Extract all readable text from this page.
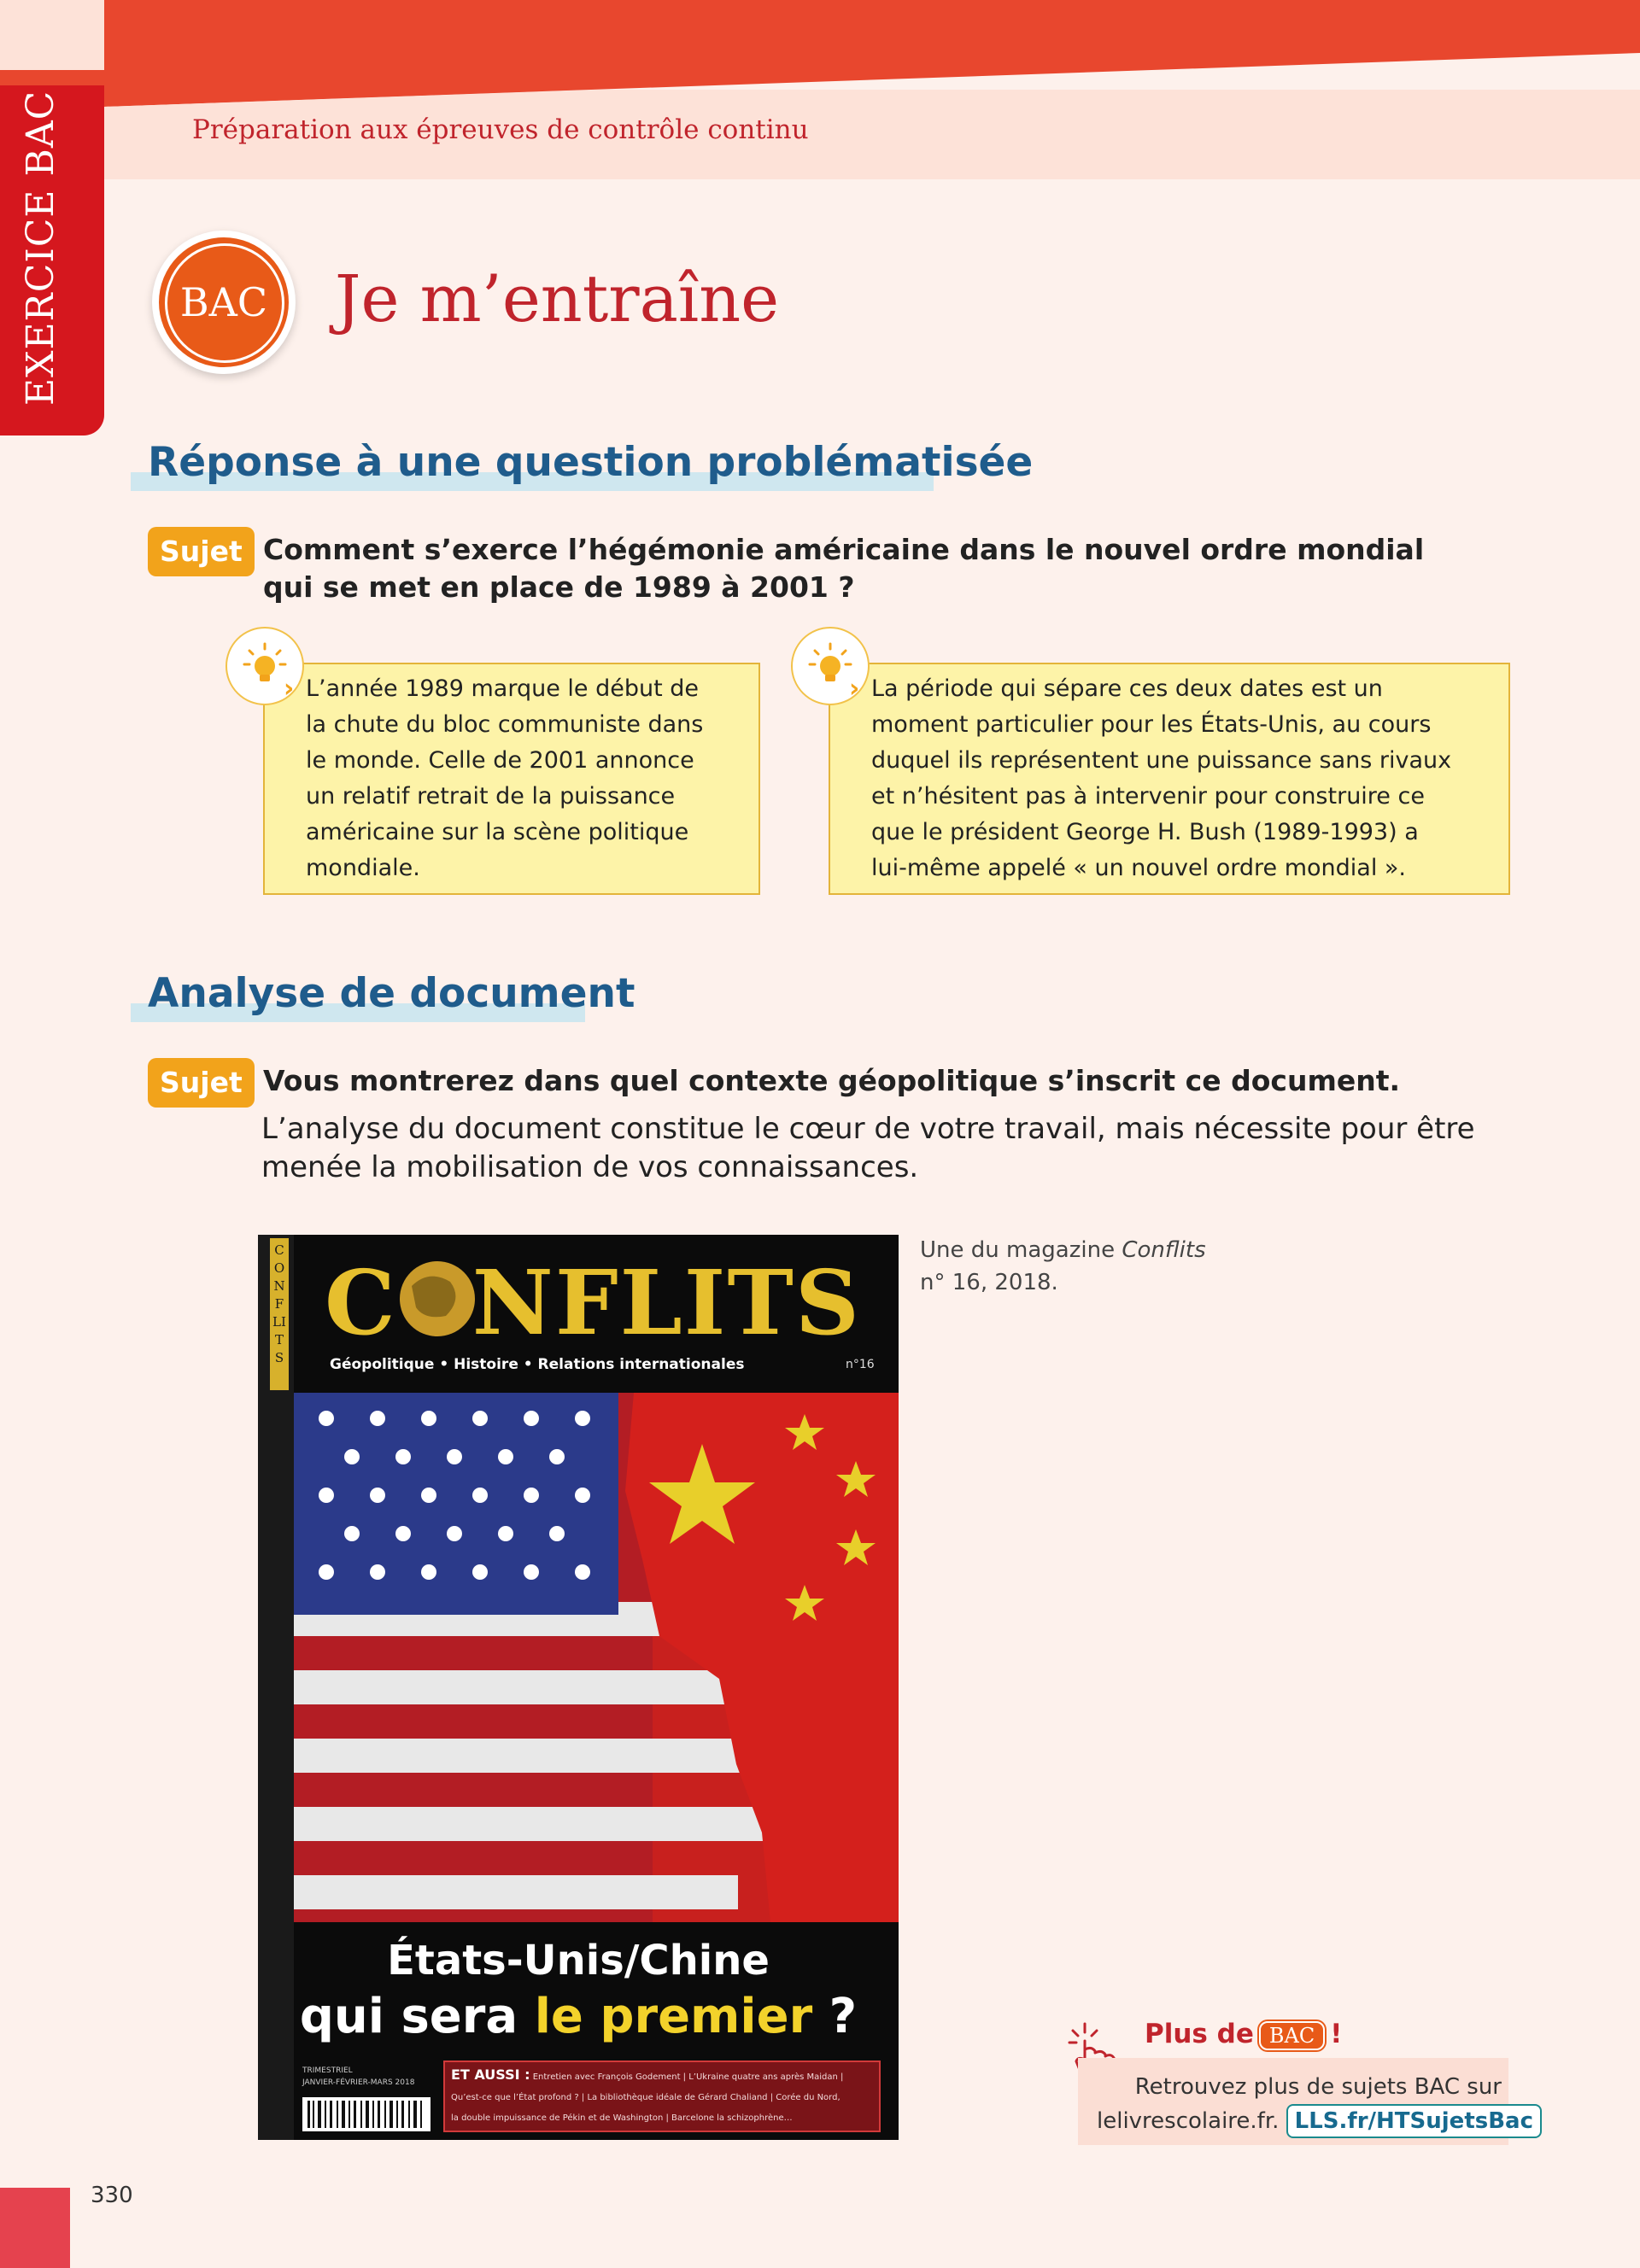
Préparation aux épreuves de contrôle continu
EXERCICE BAC	BAC Je m’entraîne
Réponse à une question problématisée
Sujet Comment s’exerce l’hégémonie américaine dans le nouvel ordre mondial
qui se met en place de 1989 à 2001 ?
› L’année 1989 marque le début de
la chute du bloc communiste dans
le monde. Celle de 2001 annonce
un relatif retrait de la puissance
américaine sur la scène politique
mondiale.
› La période qui sépare ces deux dates est un
moment particulier pour les États-Unis, au cours
duquel ils représentent une puissance sans rivaux
et n’hésitent pas à intervenir pour construire ce
que le président George H. Bush (1989-1993) a
lui-même appelé « un nouvel ordre mondial ».
Analyse de document
Sujet Vous montrerez dans quel contexte géopolitique s’inscrit ce document.
L’analyse du document constitue le cœur de votre travail, mais nécessite pour être
menée la mobilisation de vos connaissances.
C NFLITS
CONFLITS	Géopolitique • Histoire • Relations internationales	n°16
États-Unis/Chine
qui sera le premier ?
TRIMESTRIEL
JANVIER-FÉVRIER-MARS 2018	ET AUSSI : Entretien avec François Godement | L’Ukraine quatre ans après Maidan |
Qu’est-ce que l’État profond ? | La bibliothèque idéale de Gérard Chaliand | Corée du Nord,
la double impuissance de Pékin et de Washington | Barcelone la schizophrène…
Une du magazine Conflits
n° 16, 2018.
Plus de BAC !
Retrouvez plus de sujets BAC sur
lelivrescolaire.fr. LLS.fr/HTSujetsBac
330
